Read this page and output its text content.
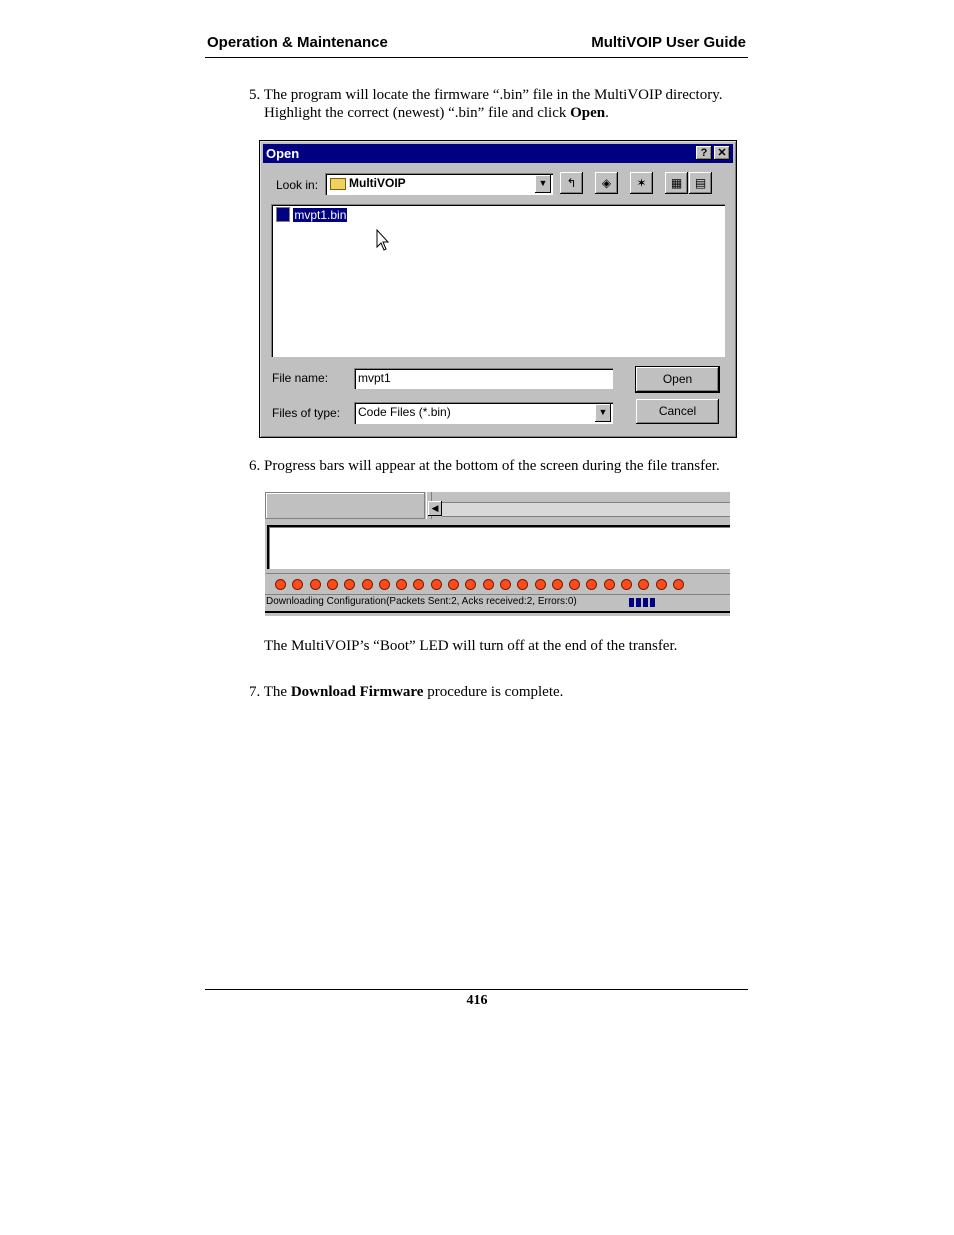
Operation & Maintenance	MultiVOIP User Guide
5. The program will locate the firmware “.bin” file in the MultiVOIP directory.
Highlight the correct (newest) “.bin” file and click Open.
Open	? ✕
Look in:	MultiVOIP	▼	↰	◈	✶	▦	▤
mvpt1.bin
File name: mvpt1
Files of type: Code Files (*.bin)	▼
Open
Cancel
6. Progress bars will appear at the bottom of the screen during the file transfer.
◀
Downloading Configuration(Packets Sent:2, Acks received:2, Errors:0)
The MultiVOIP’s “Boot” LED will turn off at the end of the transfer.
7. The Download Firmware procedure is complete.
416
